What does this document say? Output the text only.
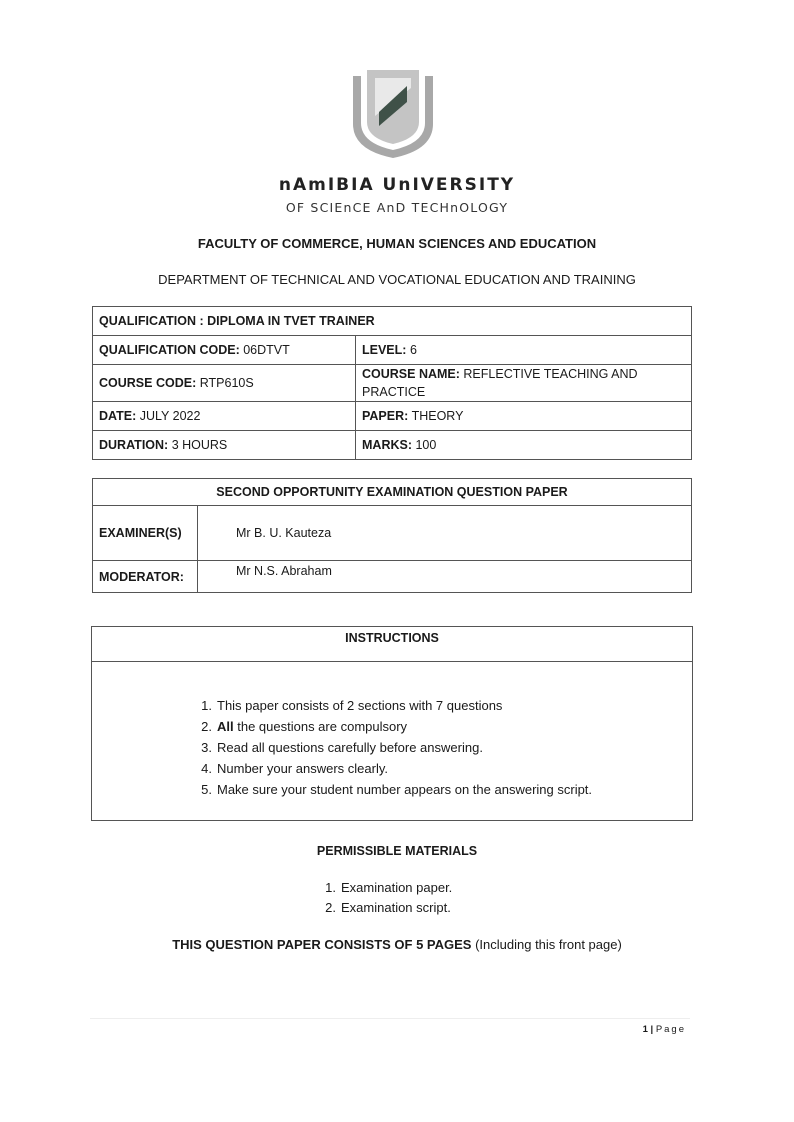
nAmIBIA UnIVERSITY
OF SCIEnCE AnD TECHnOLOGY
FACULTY OF COMMERCE, HUMAN SCIENCES AND EDUCATION
DEPARTMENT OF TECHNICAL AND VOCATIONAL EDUCATION AND TRAINING
QUALIFICATION : DIPLOMA IN TVET TRAINER	
QUALIFICATION CODE: 06DTVT	LEVEL: 6
COURSE CODE: RTP610S	COURSE NAME: REFLECTIVE TEACHING AND PRACTICE
DATE: JULY 2022	PAPER: THEORY
DURATION: 3 HOURS	MARKS: 100
SECOND OPPORTUNITY EXAMINATION QUESTION PAPER	
EXAMINER(S)	Mr B. U. Kauteza
MODERATOR:	Mr N.S. Abraham
INSTRUCTIONS
1. This paper consists of 2 sections with 7 questions
2. All the questions are compulsory
3. Read all questions carefully before answering.
4. Number your answers clearly.
5. Make sure your student number appears on the answering script.
PERMISSIBLE MATERIALS
1. Examination paper.
2. Examination script.
THIS QUESTION PAPER CONSISTS OF 5 PAGES (Including this front page)
1 | Page
